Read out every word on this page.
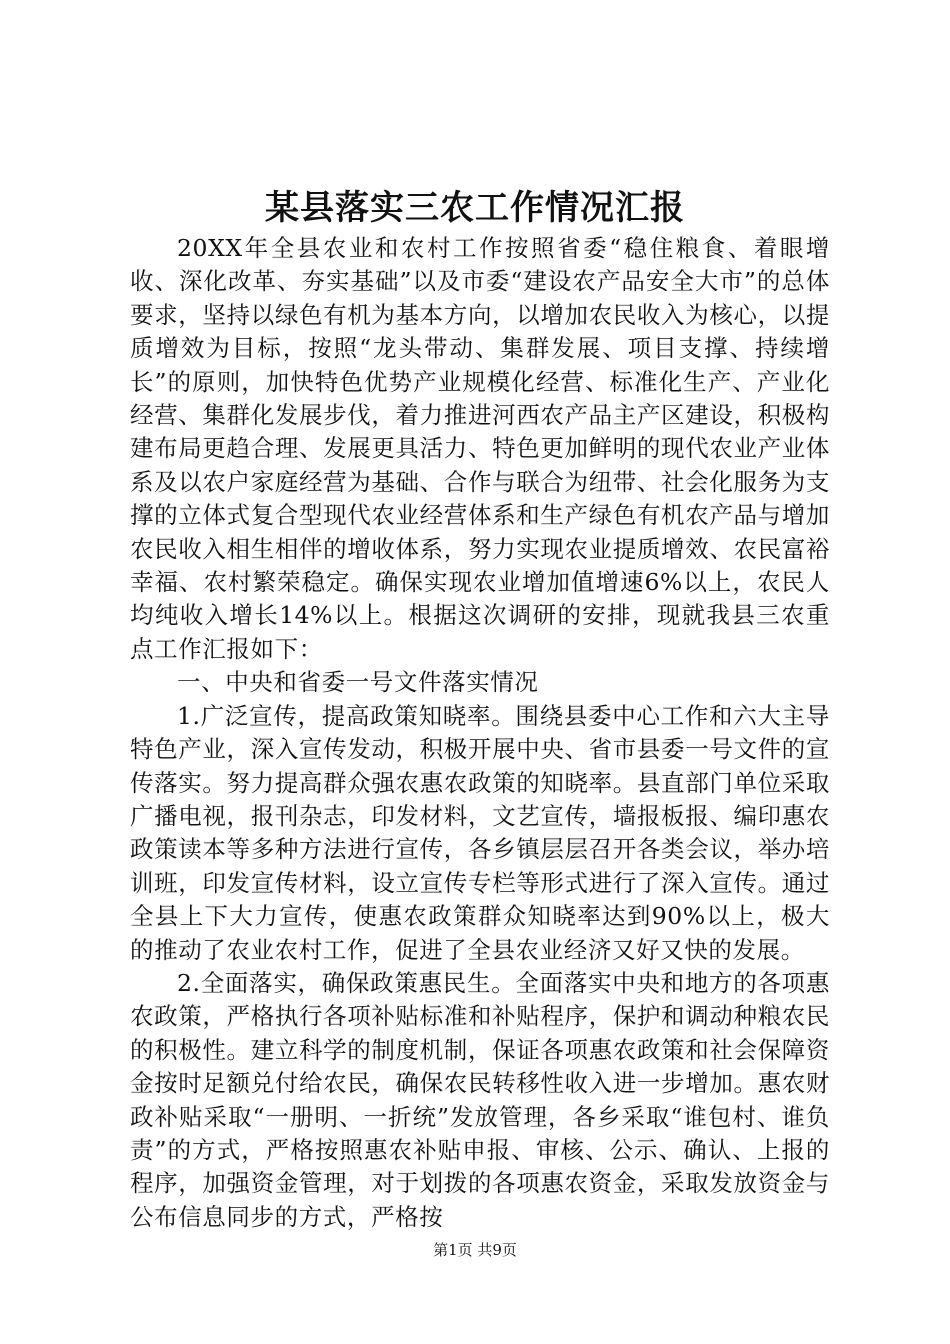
某县落实三农工作情况汇报

20XX年全县农业和农村工作按照省委“稳住粮食、着眼增收、深化改革、夯实基础”以及市委“建设农产品安全大市”的总体要求，坚持以绿色有机为基本方向，以增加农民收入为核心，以提质增效为目标，按照“龙头带动、集群发展、项目支撑、持续增长”的原则，加快特色优势产业规模化经营、标准化生产、产业化经营、集群化发展步伐，着力推进河西农产品主产区建设，积极构建布局更趋合理、发展更具活力、特色更加鲜明的现代农业产业体系及以农户家庭经营为基础、合作与联合为纽带、社会化服务为支撑的立体式复合型现代农业经营体系和生产绿色有机农产品与增加农民收入相生相伴的增收体系，努力实现农业提质增效、农民富裕幸福、农村繁荣稳定。确保实现农业增加值增速6%以上，农民人均纯收入增长14%以上。根据这次调研的安排，现就我县三农重点工作汇报如下：

一、中央和省委一号文件落实情况

1.广泛宣传，提高政策知晓率。围绕县委中心工作和六大主导特色产业，深入宣传发动，积极开展中央、省市县委一号文件的宣传落实。努力提高群众强农惠农政策的知晓率。县直部门单位采取广播电视，报刊杂志，印发材料，文艺宣传，墙报板报、编印惠农政策读本等多种方法进行宣传，各乡镇层层召开各类会议，举办培训班，印发宣传材料，设立宣传专栏等形式进行了深入宣传。通过全县上下大力宣传，使惠农政策群众知晓率达到90%以上，极大的推动了农业农村工作，促进了全县农业经济又好又快的发展。

2.全面落实，确保政策惠民生。全面落实中央和地方的各项惠农政策，严格执行各项补贴标准和补贴程序，保护和调动种粮农民的积极性。建立科学的制度机制，保证各项惠农政策和社会保障资金按时足额兑付给农民，确保农民转移性收入进一步增加。惠农财政补贴采取“一册明、一折统”发放管理，各乡采取“谁包村、谁负责”的方式，严格按照惠农补贴申报、审核、公示、确认、上报的程序，加强资金管理，对于划拨的各项惠农资金，采取发放资金与公布信息同步的方式，严格按

第1页 共9页
